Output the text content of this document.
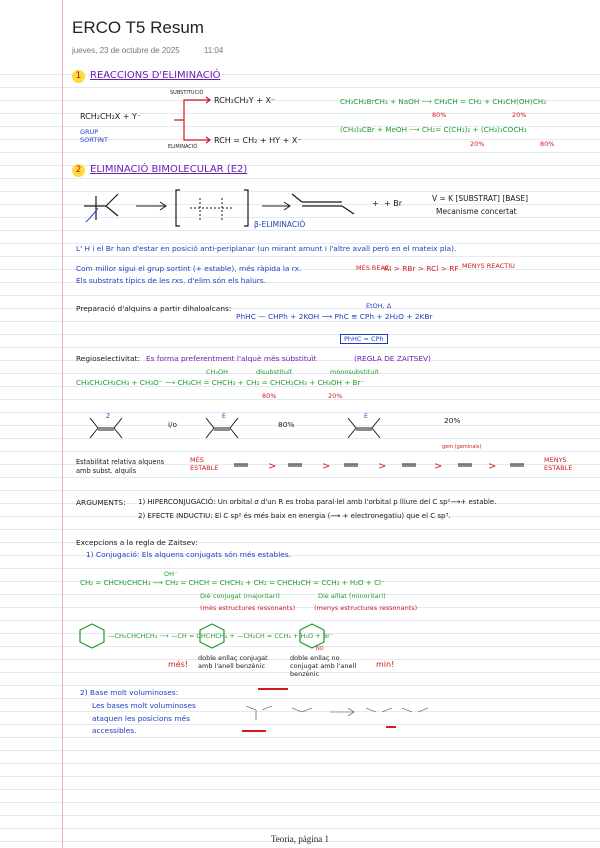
ERCO T5 Resum
jueves, 23 de octubre de 2025	11:04
1 REACCIONS D'ELIMINACIÓ
RCH₂CH₂X + Y⁻
GRUP
SORTINT
SUBSTITUCIÓ
ELIMINACIÓ
RCH₂CH₂Y + X⁻
RCH = CH₂ + HY + X⁻
CH₃CH₂BrCH₃ + NaOH ⟶ CH₃CH = CH₂ + CH₃CH(OH)CH₃
80%	20%
(CH₃)₃CBr + MeOH ⟶ CH₂= C(CH₃)₂ + (CH₃)₃COCH₃
20%	80%
2 ELIMINACIÓ BIMOLECULAR (E2)
+ + Br
β-ELIMINACIÓ
V = K [SUBSTRAT] [BASE]
Mecanisme concertat
L' H i el Br han d'estar en posició anti-periplanar (un mirant amunt i l'altre avall però en el mateix pla).
Com millor sigui el grup sortint (+ estable), més ràpida la rx.	MÉS REAC.
RI > RBr > RCl > RF MENYS REACTIU
Els substrats típics de les rxs. d'elim són els halurs.
Preparació d'alquins a partir dihaloalcans:
PhHC — CHPh + 2KOH ⟶ PhC ≡ CPh + 2H₂O + 2KBr
EtOH, Δ
PhHC = CPh
Regioselectivitat: Es forma preferentment l'alquè més substituït	(REGLA DE ZAITSEV)
CH₃OH	disubstituït	monosubstituït
CH₃CH₂CH₂CH₃ + CH₃O⁻ ⟶ CH₃CH = CHCH₃ + CH₂ = CHCH₂CH₃ + CH₃OH + Br⁻
80%	20%
Z	E	E
i/o	80%	20%
Estabilitat relativa alquens amb subst. alquils
MÉS ESTABLE	>	>	>	>	>
gem (geminals)
MENYS ESTABLE
ARGUMENTS: 1) HIPERCONJUGACIÓ: Un orbital σ d'un R es troba paral·lel amb l'orbital p lliure del C sp²⟶+ estable.
2) EFECTE INDUCTIU: El C sp² és més baix en energia (⟶ + electronegatiu) que el C sp³.
Excepcions a la regla de Zaitsev:
1) Conjugació: Els alquens conjugats són més estables.
OH⁻
CH₂ = CHCH₂CHCH₃ ⟶ CH₂ = CHCH = CHCH₃ + CH₂ = CHCH₂CH = CCH₃ + H₂O + Cl⁻
Diè conjugat (majoritari)	Diè aïllat (minoritari)
(més estructures ressonants)	(menys estructures ressonants)
—CH₂CHCHCH₃ ⟶ —CH = CHCHCH₃ + —CH₂CH = CCH₃ + H₂O + Br⁻
més!
doble enllaç conjugat amb l'anell benzènic
NO
doble enllaç no conjugat amb l'anell benzènic
min!
2) Base molt voluminoses:
Les bases molt voluminoses ataquen les posicions més accessibles.
Teoria, página 1
